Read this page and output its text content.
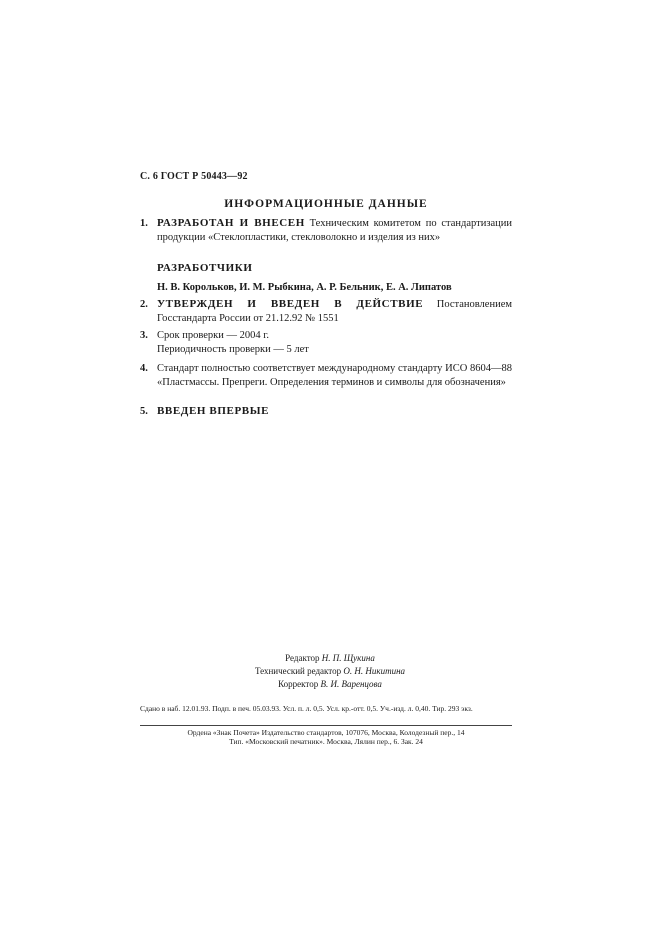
С. 6 ГОСТ Р 50443—92
ИНФОРМАЦИОННЫЕ ДАННЫЕ
1. РАЗРАБОТАН И ВНЕСЕН Техническим комитетом по стандартизации продукции «Стеклопластики, стекловолокно и изделия из них»
РАЗРАБОТЧИКИ
Н. В. Корольков, И. М. Рыбкина, А. Р. Бельник, Е. А. Липатов
2. УТВЕРЖДЕН И ВВЕДЕН В ДЕЙСТВИЕ Постановлением Госстандарта России от 21.12.92 № 1551
3. Срок проверки — 2004 г.
Периодичность проверки — 5 лет
4. Стандарт полностью соответствует международному стандарту ИСО 8604—88 «Пластмассы. Препреги. Определения терминов и символы для обозначения»
5. ВВЕДЕН ВПЕРВЫЕ
Редактор Н. П. Щукина
Технический редактор О. Н. Никитина
Корректор В. И. Варенцова
Сдано в наб. 12.01.93. Подп. в печ. 05.03.93. Усл. п. л. 0,5. Усл. кр.-отт. 0,5. Уч.-изд. л. 0,40. Тир. 293 экз.
Ордена «Знак Почета» Издательство стандартов, 107076, Москва, Колодезный пер., 14
Тип. «Московский печатник». Москва, Лялин пер., 6. Зак. 24
